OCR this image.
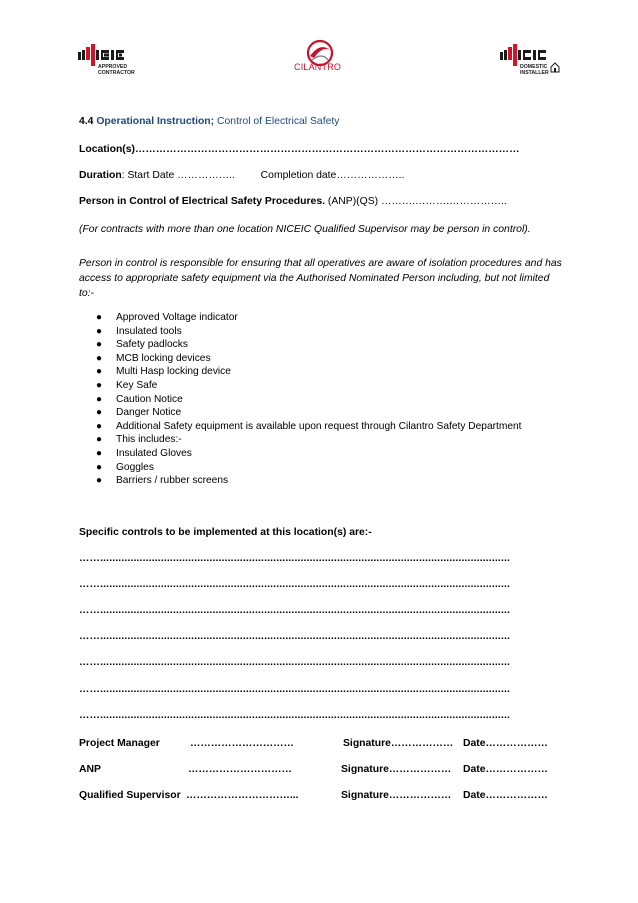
APPROVED
CONTRACTOR
CILANTRO	DOMESTIC
INSTALLER
4.4 Operational Instruction; Control of Electrical Safety
Location(s)…………………………………………………………………………………………………
Duration: Start Date …………….. Completion date………………..
Person in Control of Electrical Safety Procedures. (ANP)(QS) ……….……….……………..
(For contracts with more than one location NICEIC Qualified Supervisor may be person in control).
Person in control is responsible for ensuring that all operatives are aware of isolation procedures and has access to appropriate safety equipment via the Authorised Nominated Person including, but not limited to:-
● Approved Voltage indicator
● Insulated tools
● Safety padlocks
● MCB locking devices
● Multi Hasp locking device
● Key Safe
● Caution Notice
● Danger Notice
● Additional Safety equipment is available upon request through Cilantro Safety Department
● This includes:-
● Insulated Gloves
● Goggles
● Barriers / rubber screens
Specific controls to be implemented at this location(s) are:-
…….......................................................................................................................................
…….......................................................................................................................................
…….......................................................................................................................................
…….......................................................................................................................................
…….......................................................................................................................................
…….......................................................................................................................................
…….......................................................................................................................................
Project Manager	…………………………	Signature……………… Date………………
ANP	…………………………	Signature……………… Date………………
Qualified Supervisor …………………………...	Signature……………… Date………………
